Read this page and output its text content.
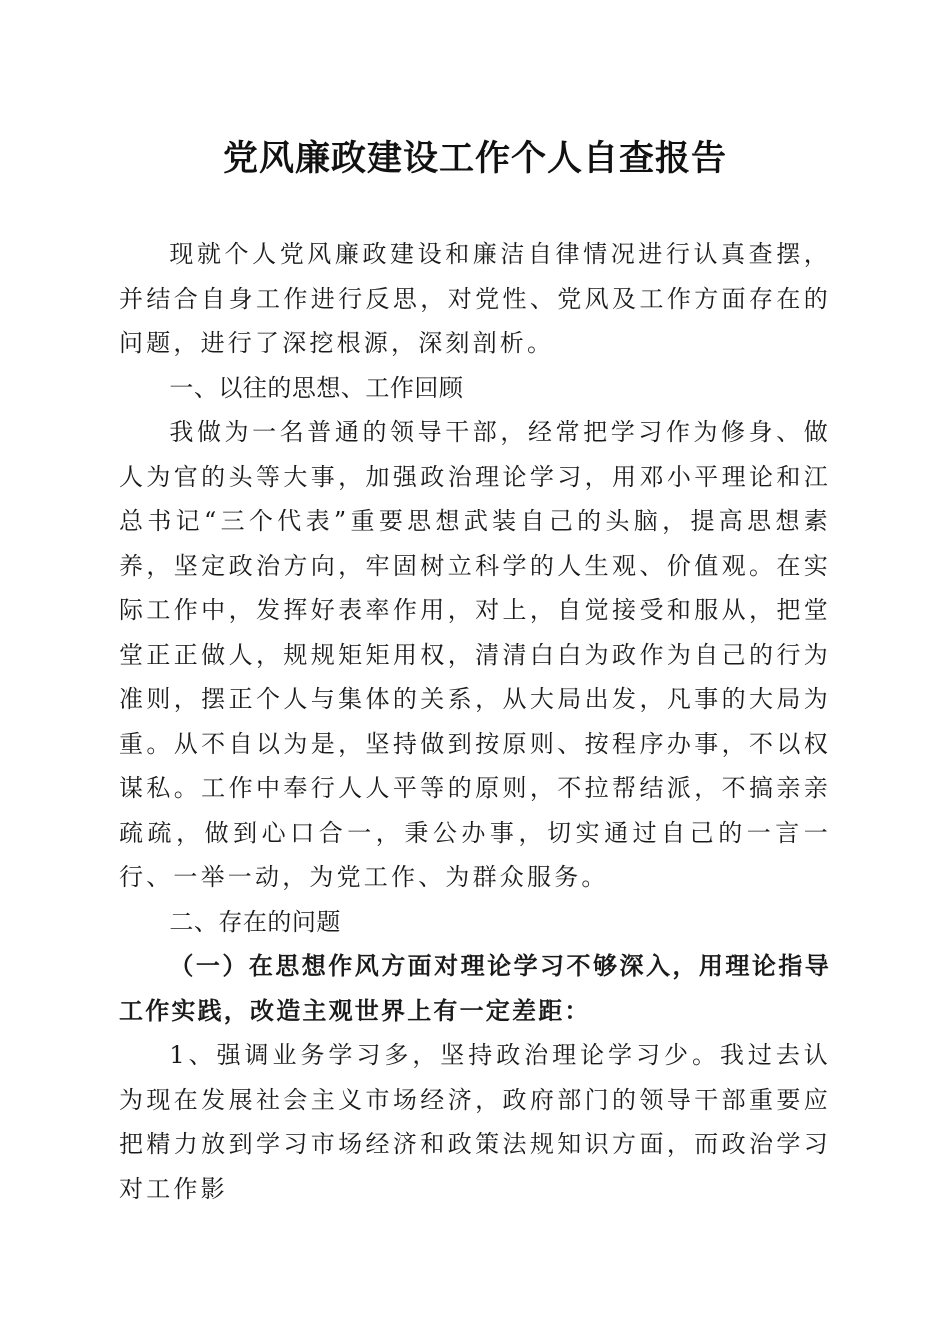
党风廉政建设工作个人自查报告

现就个人党风廉政建设和廉洁自律情况进行认真查摆，并结合自身工作进行反思，对党性、党风及工作方面存在的问题，进行了深挖根源，深刻剖析。

一、以往的思想、工作回顾

我做为一名普通的领导干部，经常把学习作为修身、做人为官的头等大事，加强政治理论学习，用邓小平理论和江总书记“三个代表”重要思想武装自己的头脑，提高思想素养，坚定政治方向，牢固树立科学的人生观、价值观。在实际工作中，发挥好表率作用，对上，自觉接受和服从，把堂堂正正做人，规规矩矩用权，清清白白为政作为自己的行为准则，摆正个人与集体的关系，从大局出发，凡事的大局为重。从不自以为是，坚持做到按原则、按程序办事，不以权谋私。工作中奉行人人平等的原则，不拉帮结派，不搞亲亲疏疏，做到心口合一，秉公办事，切实通过自己的一言一行、一举一动，为党工作、为群众服务。

二、存在的问题

（一）在思想作风方面对理论学习不够深入，用理论指导工作实践，改造主观世界上有一定差距：

1、强调业务学习多，坚持政治理论学习少。我过去认为现在发展社会主义市场经济，政府部门的领导干部重要应把精力放到学习市场经济和政策法规知识方面，而政治学习对工作影
